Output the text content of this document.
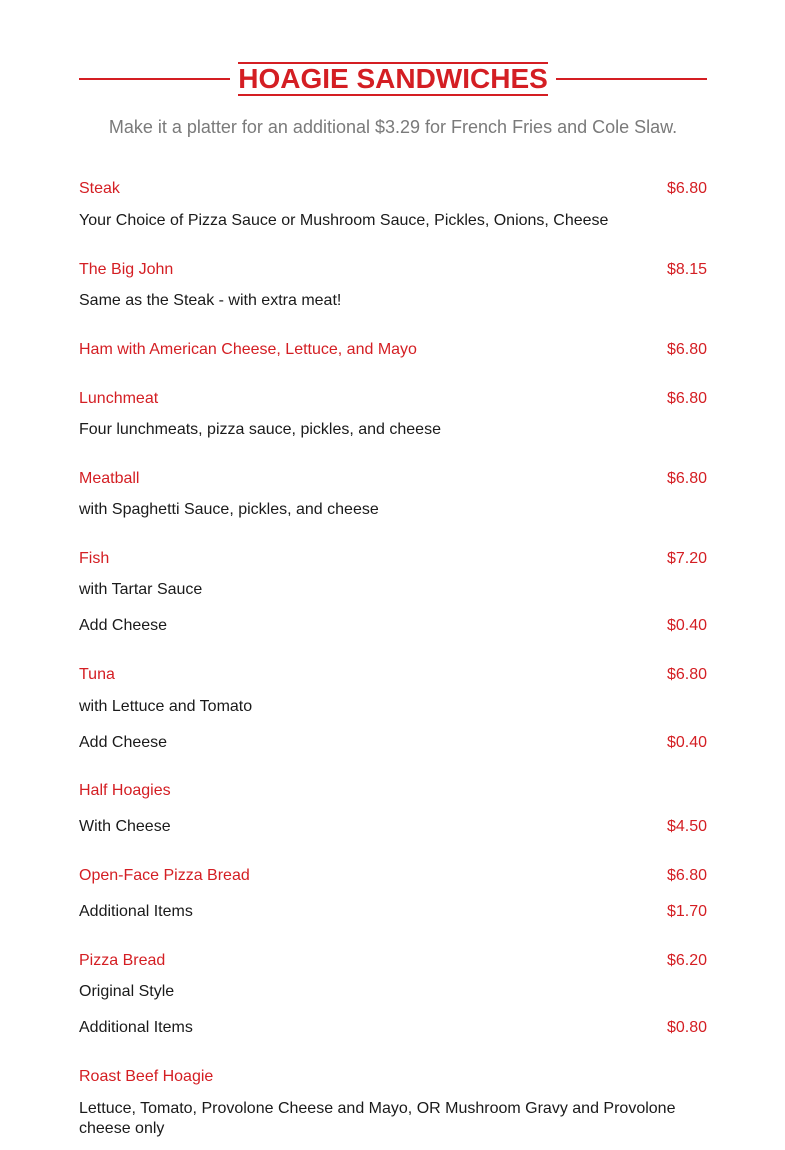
HOAGIE SANDWICHES
Make it a platter for an additional $3.29 for French Fries and Cole Slaw.
Steak	$6.80
Your Choice of Pizza Sauce or Mushroom Sauce, Pickles, Onions, Cheese
The Big John	$8.15
Same as the Steak - with extra meat!
Ham with American Cheese, Lettuce, and Mayo	$6.80
Lunchmeat	$6.80
Four lunchmeats, pizza sauce, pickles, and cheese
Meatball	$6.80
with Spaghetti Sauce, pickles, and cheese
Fish	$7.20
with Tartar Sauce
Add Cheese	$0.40
Tuna	$6.80
with Lettuce and Tomato
Add Cheese	$0.40
Half Hoagies
With Cheese	$4.50
Open-Face Pizza Bread	$6.80
Additional Items	$1.70
Pizza Bread	$6.20
Original Style
Additional Items	$0.80
Roast Beef Hoagie
Lettuce, Tomato, Provolone Cheese and Mayo, OR Mushroom Gravy and Provolone cheese only
